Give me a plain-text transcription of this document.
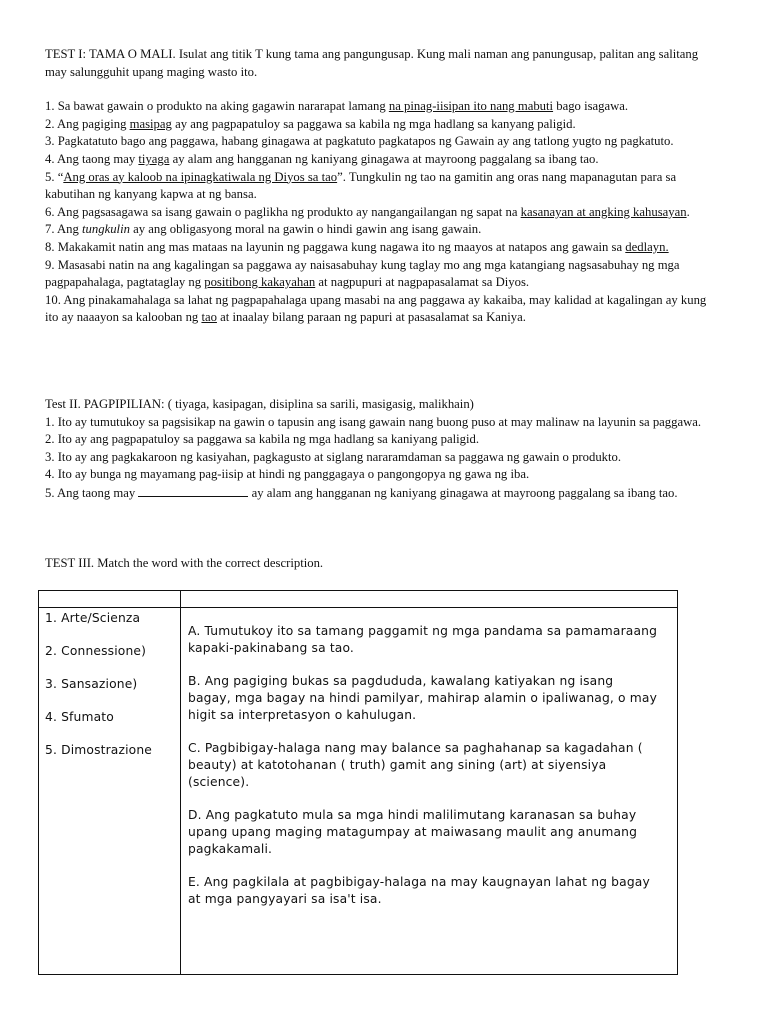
TEST I: TAMA O MALI. Isulat ang titik T kung tama ang pangungusap. Kung mali naman ang panungusap, palitan ang salitang may salungguhit upang maging wasto ito.

1. Sa bawat gawain o produkto na aking gagawin nararapat lamang na pinag-iisipan ito nang mabuti bago isagawa.

2. Ang pagiging masipag ay ang pagpapatuloy sa paggawa sa kabila ng mga hadlang sa kanyang paligid.

3. Pagkatatuto bago ang paggawa, habang ginagawa at pagkatuto pagkatapos ng Gawain ay ang tatlong yugto ng pagkatuto.

4. Ang taong may tiyaga ay alam ang hangganan ng kaniyang ginagawa at mayroong paggalang sa ibang tao.

5. “Ang oras ay kaloob na ipinagkatiwala ng Diyos sa tao”. Tungkulin ng tao na gamitin ang oras nang mapanagutan para sa kabutihan ng kanyang kapwa at ng bansa.

6. Ang pagsasagawa sa isang gawain o paglikha ng produkto ay nangangailangan ng sapat na kasanayan at angking kahusayan.

7. Ang tungkulin ay ang obligasyong moral na gawin o hindi gawin ang isang gawain.

8. Makakamit natin ang mas mataas na layunin ng paggawa kung nagawa ito ng maayos at natapos ang gawain sa dedlayn.

9. Masasabi natin na ang kagalingan sa paggawa ay naisasabuhay kung taglay mo ang mga katangiang nagsasabuhay ng mga pagpapahalaga, pagtataglay ng positibong kakayahan at nagpupuri at nagpapasalamat sa Diyos.

10. Ang pinakamahalaga sa lahat ng pagpapahalaga upang masabi na ang paggawa ay kakaiba, may kalidad at kagalingan ay kung ito ay naaayon sa kalooban ng tao at inaalay bilang paraan ng papuri at pasasalamat sa Kaniya.

Test II. PAGPIPILIAN: ( tiyaga, kasipagan, disiplina sa sarili, masigasig, malikhain)

1. Ito ay tumutukoy sa pagsisikap na gawin o tapusin ang isang gawain nang buong puso at may malinaw na layunin sa paggawa.

2. Ito ay ang pagpapatuloy sa paggawa sa kabila ng mga hadlang sa kaniyang paligid.

3. Ito ay ang pagkakaroon ng kasiyahan, pagkagusto at siglang nararamdaman sa paggawa ng gawain o produkto.

4. Ito ay bunga ng mayamang pag-iisip at hindi ng panggagaya o pangongopya ng gawa ng iba.

5. Ang taong may	ay alam ang hangganan ng kaniyang ginagawa at mayroong paggalang sa ibang tao.

TEST III. Match the word with the correct description.

1. Arte/Scienza

2. Connessione)

3. Sansazione)

4. Sfumato

5. Dimostrazione

A. Tumutukoy ito sa tamang paggamit ng mga pandama sa pamamaraang kapaki-pakinabang sa tao.

B. Ang pagiging bukas sa pagdududa, kawalang katiyakan ng isang bagay, mga bagay na hindi pamilyar, mahirap alamin o ipaliwanag, o may higit sa interpretasyon o kahulugan.

C. Pagbibigay-halaga nang may balance sa paghahanap sa kagadahan ( beauty) at katotohanan ( truth) gamit ang sining (art) at siyensiya (science).

D. Ang pagkatuto mula sa mga hindi malilimutang karanasan sa buhay upang upang maging matagumpay at maiwasang maulit ang anumang pagkakamali.

E. Ang pagkilala at pagbibigay-halaga na may kaugnayan lahat ng bagay at mga pangyayari sa isa't isa.
